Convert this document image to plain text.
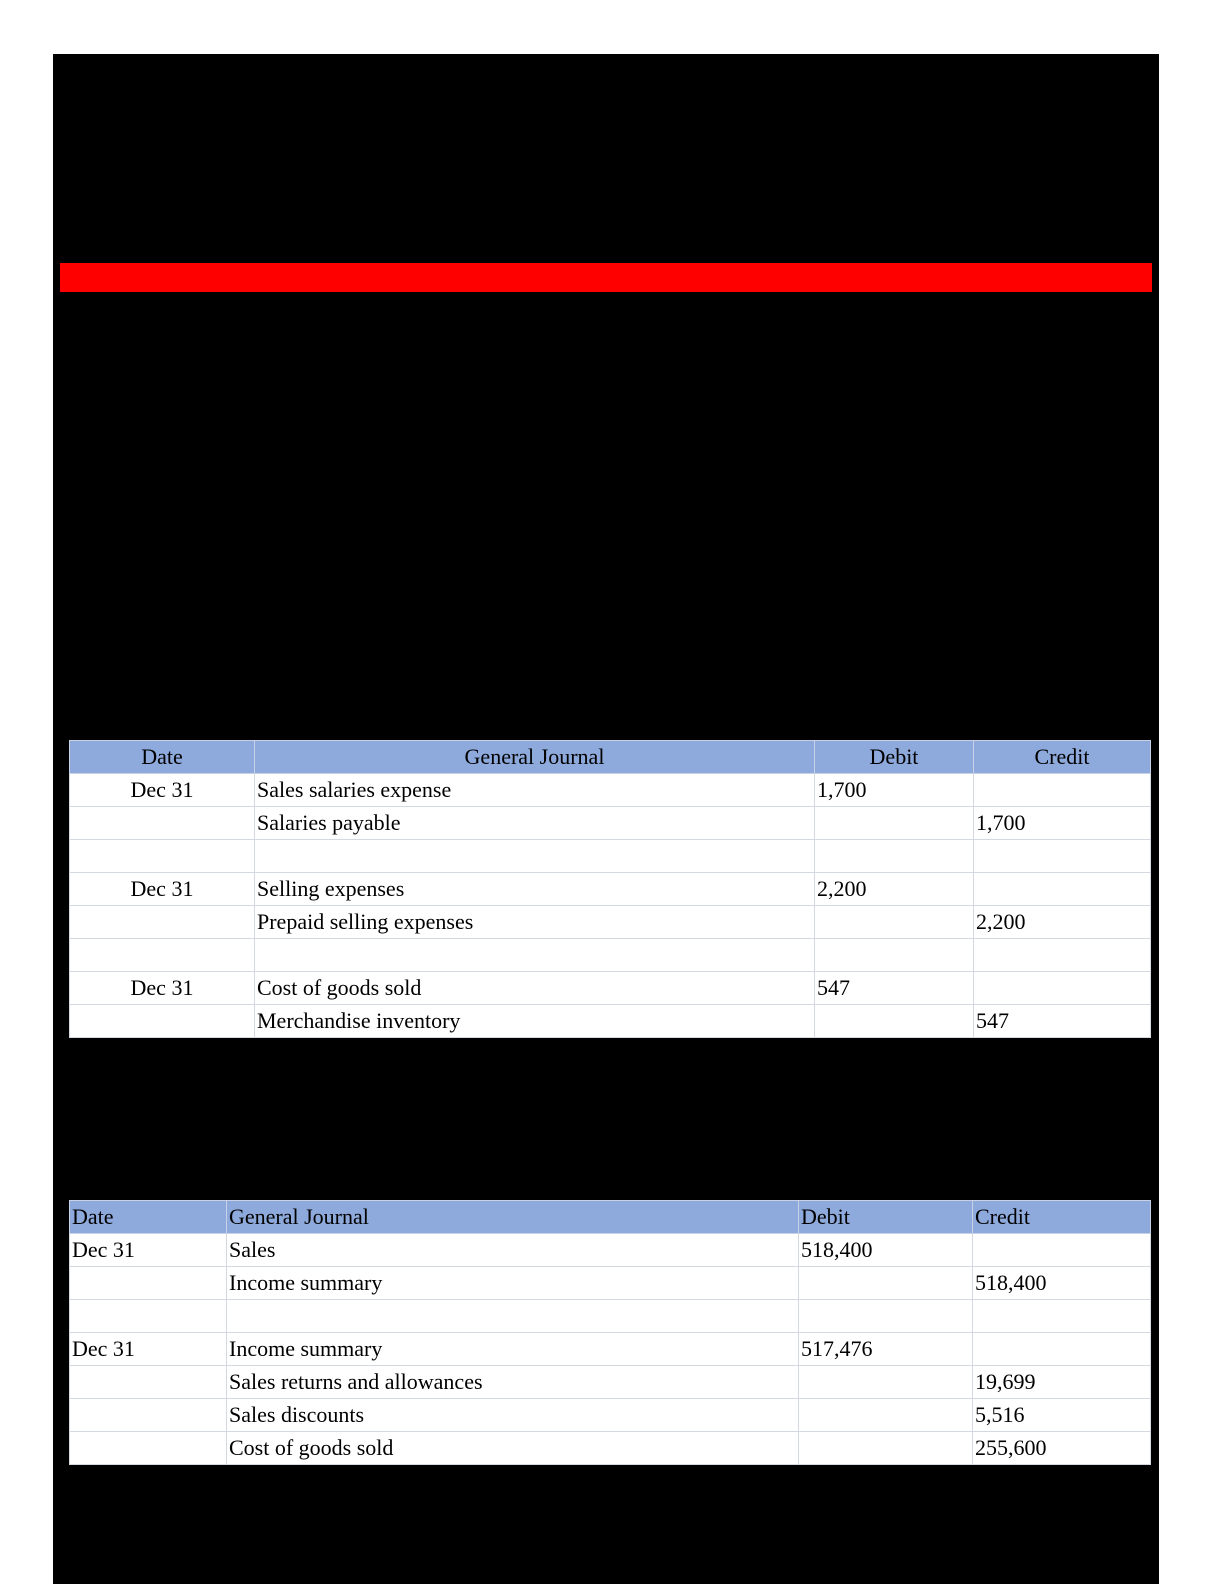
Date	General Journal	Debit	Credit
Dec 31	Sales salaries expense	1,700	
	Salaries payable		1,700

Dec 31	Selling expenses	2,200	
	Prepaid selling expenses		2,200

Dec 31	Cost of goods sold	547	
	Merchandise inventory		547
Date	General Journal	Debit	Credit
Dec 31	Sales	518,400	
	Income summary		518,400

Dec 31	Income summary	517,476	
	Sales returns and allowances		19,699
	Sales discounts		5,516
	Cost of goods sold		255,600
